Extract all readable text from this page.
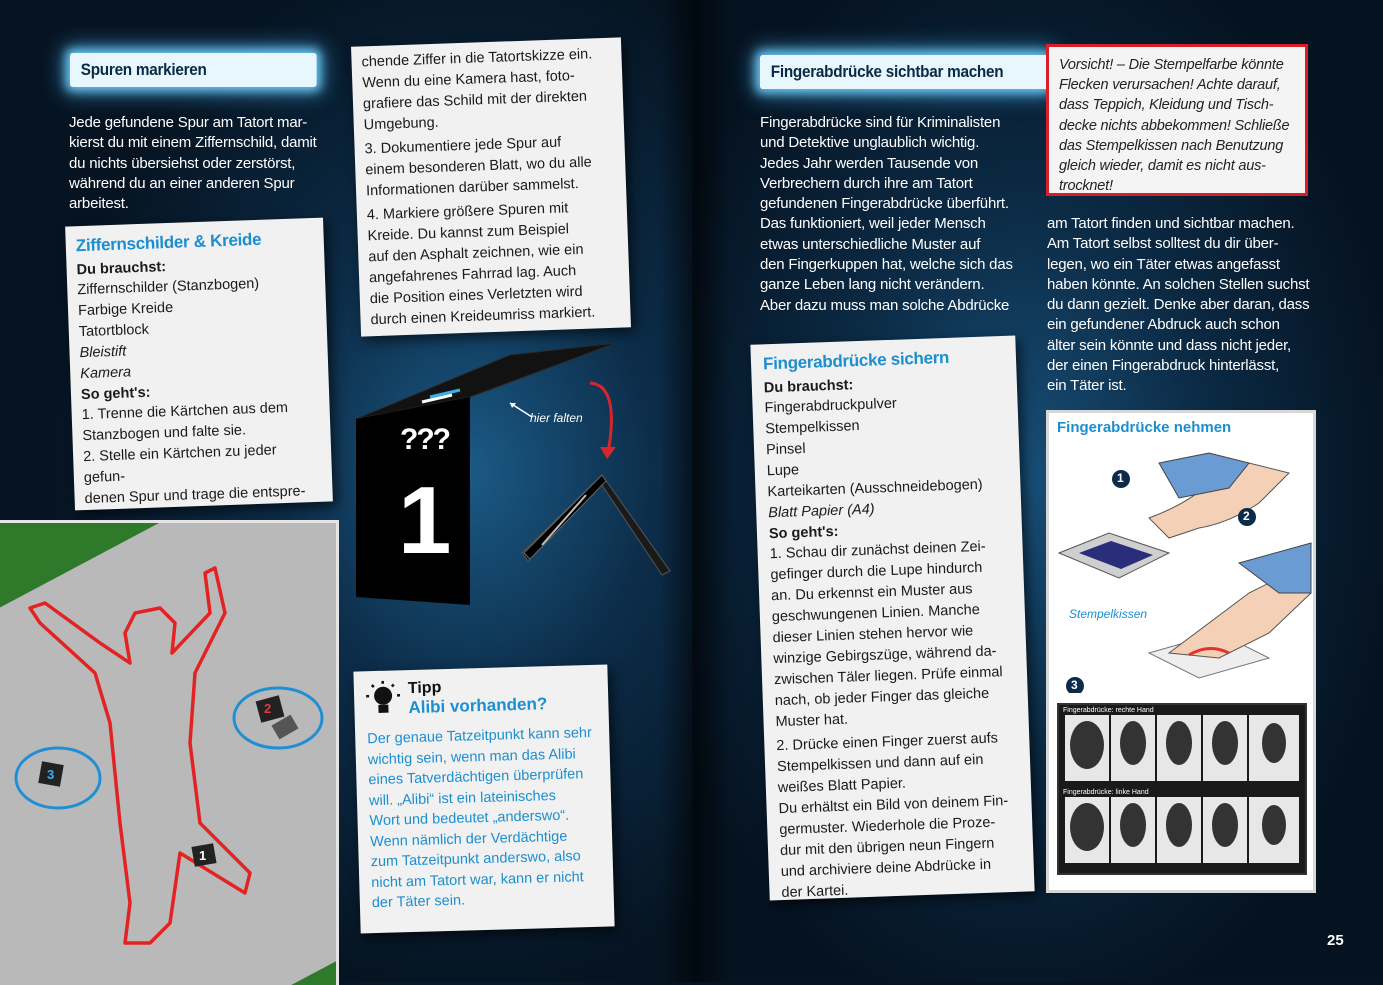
Spuren markieren
Jede gefundene Spur am Tatort mar-
kierst du mit einem Ziffernschild, damit
du nichts übersiehst oder zerstörst,
während du an einer anderen Spur
arbeitest.
Ziffernschilder & Kreide
Du brauchst:
Ziffernschilder (Stanzbogen)
Farbige Kreide
Tatortblock
Bleistift
Kamera
So geht's:
1. Trenne die Kärtchen aus dem
Stanzbogen und falte sie.
2. Stelle ein Kärtchen zu jeder gefun-
denen Spur und trage die entspre-
chende Ziffer in die Tatortskizze ein.
Wenn du eine Kamera hast, foto-
grafiere das Schild mit der direkten
Umgebung.
3. Dokumentiere jede Spur auf
einem besonderen Blatt, wo du alle
Informationen darüber sammelst.
4. Markiere größere Spuren mit
Kreide. Du kannst zum Beispiel
auf den Asphalt zeichnen, wie ein
angefahrenes Fahrrad lag. Auch
die Position eines Verletzten wird
durch einen Kreideumriss markiert.
???
1
hier falten
1
2
3
Tipp
Alibi vorhanden?
Der genaue Tatzeitpunkt kann sehr
wichtig sein, wenn man das Alibi
eines Tatverdächtigen überprüfen
will. „Alibi“ ist ein lateinisches
Wort und bedeutet „anderswo“.
Wenn nämlich der Verdächtige
zum Tatzeitpunkt anderswo, also
nicht am Tatort war, kann er nicht
der Täter sein.
Fingerabdrücke sichtbar machen
Fingerabdrücke sind für Kriminalisten
und Detektive unglaublich wichtig.
Jedes Jahr werden Tausende von
Verbrechern durch ihre am Tatort
gefundenen Fingerabdrücke überführt.
Das funktioniert, weil jeder Mensch
etwas unterschiedliche Muster auf
den Fingerkuppen hat, welche sich das
ganze Leben lang nicht verändern.
Aber dazu muss man solche Abdrücke
Vorsicht! – Die Stempelfarbe könnte
Flecken verursachen! Achte darauf,
dass Teppich, Kleidung und Tisch-
decke nichts abbekommen! Schließe
das Stempelkissen nach Benutzung
gleich wieder, damit es nicht aus-
trocknet!
am Tatort finden und sichtbar machen.
Am Tatort selbst solltest du dir über-
legen, wo ein Täter etwas angefasst
haben könnte. An solchen Stellen suchst
du dann gezielt. Denke aber daran, dass
ein gefundener Abdruck auch schon
älter sein könnte und dass nicht jeder,
der einen Fingerabdruck hinterlässt,
ein Täter ist.
Fingerabdrücke sichern
Du brauchst:
Fingerabdruckpulver
Stempelkissen
Pinsel
Lupe
Karteikarten (Ausschneidebogen)
Blatt Papier (A4)
So geht's:
1. Schau dir zunächst deinen Zei-
gefinger durch die Lupe hindurch
an. Du erkennst ein Muster aus
geschwungenen Linien. Manche
dieser Linien stehen hervor wie
winzige Gebirgszüge, während da-
zwischen Täler liegen. Prüfe einmal
nach, ob jeder Finger das gleiche
Muster hat.
2. Drücke einen Finger zuerst aufs
Stempelkissen und dann auf ein
weißes Blatt Papier.
Du erhältst ein Bild von deinem Fin-
germuster. Wiederhole die Proze-
dur mit den übrigen neun Fingern
und archiviere deine Abdrücke in
der Kartei.
Fingerabdrücke nehmen
1
2
3
Stempelkissen
Fingerabdrücke: rechte Hand
Fingerabdrücke: linke Hand
25
